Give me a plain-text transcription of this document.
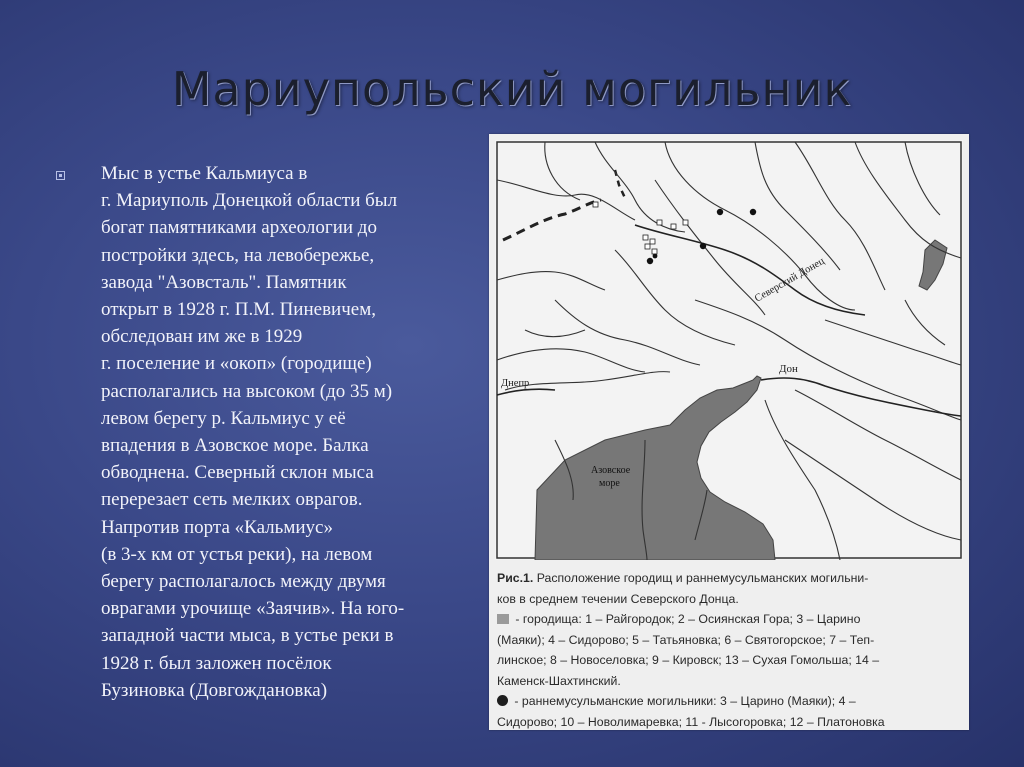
Мариупольский могильник
Мыс в устье Кальмиуса в
г. Мариуполь Донецкой области был
богат памятниками археологии до
постройки здесь, на левобережье,
завода "Азовсталь". Памятник
открыт в 1928 г. П.М. Пиневичем,
обследован им же в 1929
г. поселение и «окоп» (городище)
располагались на высоком (до 35 м)
левом берегу р. Кальмиус у её
впадения в Азовское море. Балка
обводнена. Северный склон мыса
перерезает сеть мелких оврагов.
Напротив порта «Кальмиус»
(в 3-х км от устья реки), на левом
берегу располагалось между двумя
оврагами урочище «Заячив». На юго-
западной части мыса, в устье реки в
1928 г. был заложен посёлок
Бузиновка (Довгождановка)
Северский Донец
Дон
Днепр
Азовское
море
Рис.1. Расположение городищ и раннемусульманских могильни-
ков в среднем течении Северского Донца.
- городища: 1 – Райгородок; 2 – Осиянская Гора; 3 – Царино
(Маяки); 4 – Сидорово; 5 – Татьяновка; 6 – Святогорское; 7 – Теп-
линское; 8 – Новоселовка; 9 – Кировск; 13 – Сухая Гомольша; 14 –
Каменск-Шахтинский.
- раннемусульманские могильники: 3 – Царино (Маяки); 4 –
Сидорово; 10 – Новолимаревка; 11 - Лысогоровка; 12 – Платоновка
